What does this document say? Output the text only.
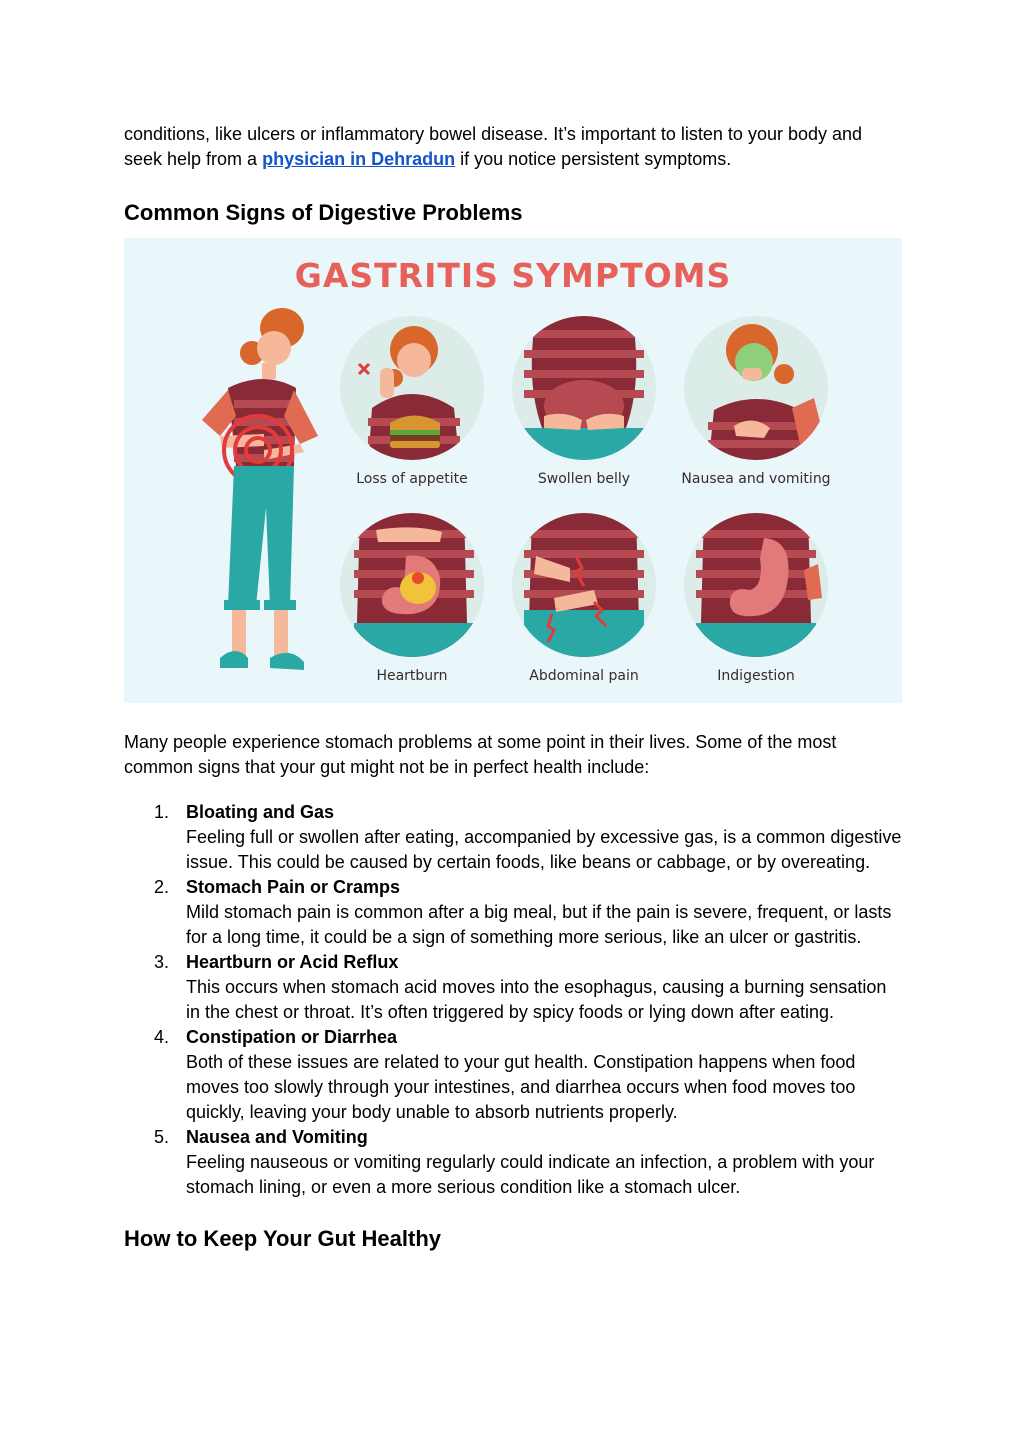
conditions, like ulcers or inflammatory bowel disease. It’s important to listen to your body and
seek help from a physician in Dehradun if you notice persistent symptoms.

Common Signs of Digestive Problems
GASTRITIS SYMPTOMS
Loss of appetite	Swollen belly	Nausea and vomiting
Heartburn	Abdominal pain	Indigestion

Many people experience stomach problems at some point in their lives. Some of the most common signs that your gut might not be in perfect health include:

1. Bloating and Gas
Feeling full or swollen after eating, accompanied by excessive gas, is a common digestive issue. This could be caused by certain foods, like beans or cabbage, or by overeating.
2. Stomach Pain or Cramps
Mild stomach pain is common after a big meal, but if the pain is severe, frequent, or lasts for a long time, it could be a sign of something more serious, like an ulcer or gastritis.
3. Heartburn or Acid Reflux
This occurs when stomach acid moves into the esophagus, causing a burning sensation in the chest or throat. It’s often triggered by spicy foods or lying down after eating.
4. Constipation or Diarrhea
Both of these issues are related to your gut health. Constipation happens when food moves too slowly through your intestines, and diarrhea occurs when food moves too quickly, leaving your body unable to absorb nutrients properly.
5. Nausea and Vomiting
Feeling nauseous or vomiting regularly could indicate an infection, a problem with your stomach lining, or even a more serious condition like a stomach ulcer.
How to Keep Your Gut Healthy
